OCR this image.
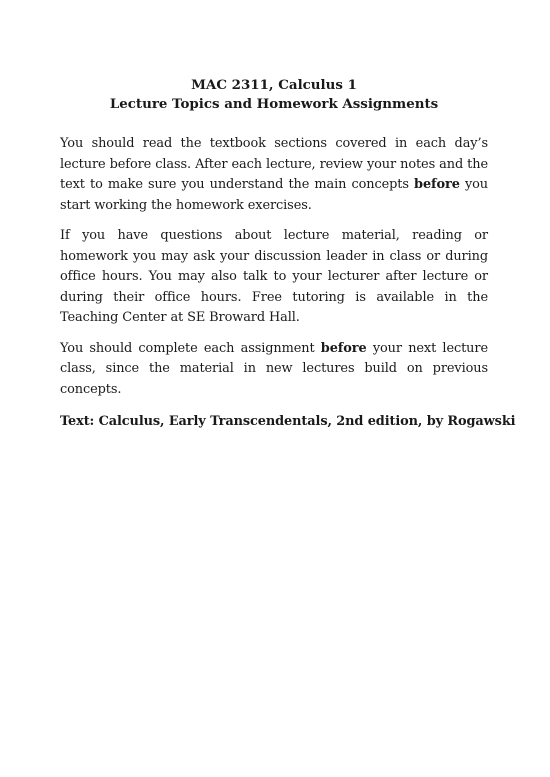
MAC 2311, Calculus 1
Lecture Topics and Homework Assignments

You should read the textbook sections covered in each day’s lecture before class. After each lecture, review your notes and the text to make sure you understand the main concepts before you start working the homework exercises.

If you have questions about lecture material, reading or homework you may ask your discussion leader in class or during office hours. You may also talk to your lecturer after lecture or during their office hours. Free tutoring is available in the Teaching Center at SE Broward Hall.

You should complete each assignment before your next lecture class, since the material in new lectures build on previous concepts.

Text: Calculus, Early Transcendentals, 2nd edition, by Rogawski
